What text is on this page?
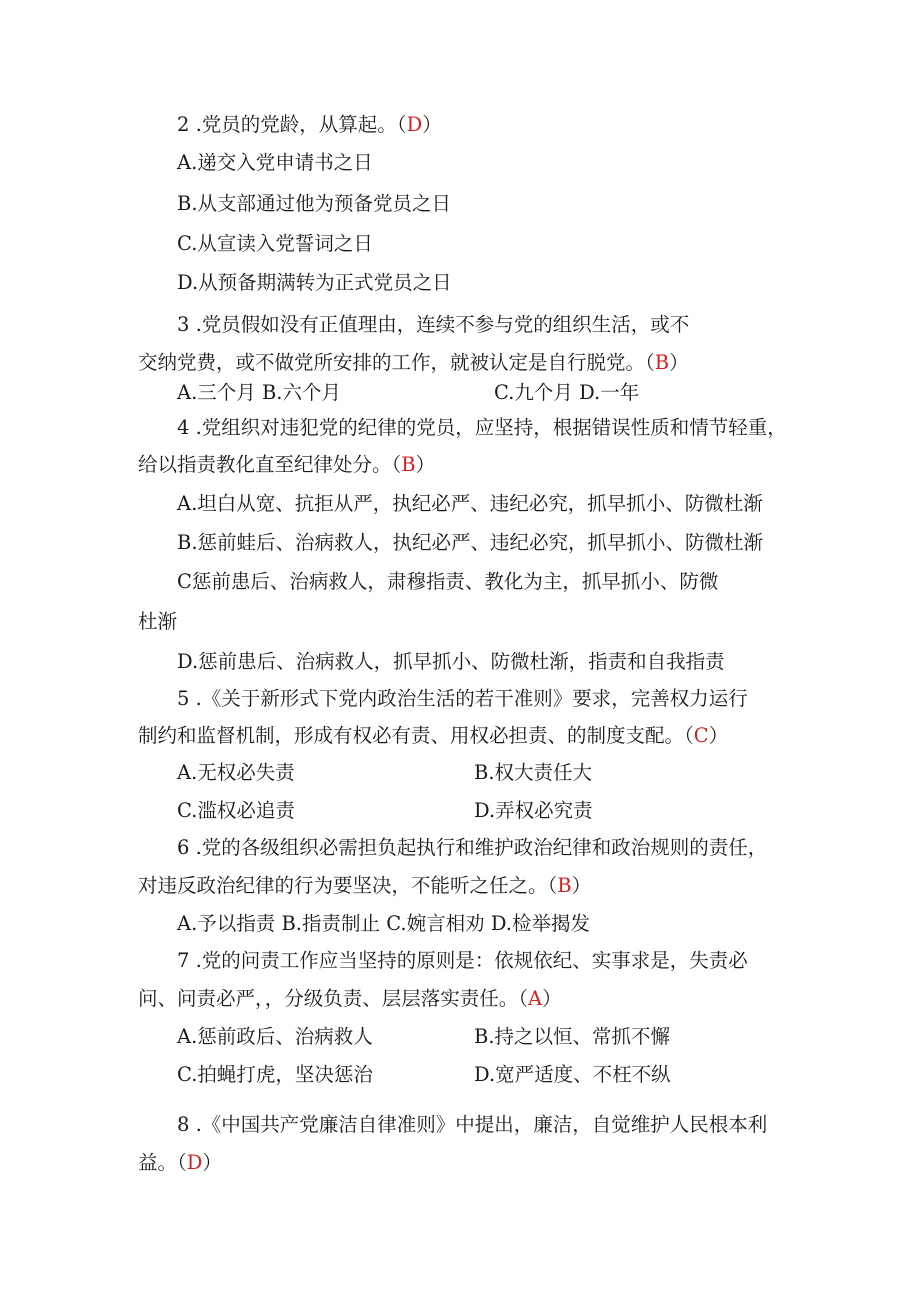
2 .党员的党龄，从算起。（D）
A.递交入党申请书之日
B.从支部通过他为预备党员之日
C.从宣读入党誓词之日
D.从预备期满转为正式党员之日
3 .党员假如没有正值理由，连续不参与党的组织生活，或不
交纳党费，或不做党所安排的工作，就被认定是自行脱党。（B）
A.三个月 B.六个月	C.九个月 D.一年
4 .党组织对违犯党的纪律的党员，应坚持，根据错误性质和情节轻重，
给以指责教化直至纪律处分。（B）
A.坦白从宽、抗拒从严，执纪必严、违纪必究，抓早抓小、防微杜渐
B.惩前蛙后、治病救人，执纪必严、违纪必究，抓早抓小、防微杜渐
C惩前患后、治病救人，肃穆指责、教化为主，抓早抓小、防微
杜渐
D.惩前患后、治病救人，抓早抓小、防微杜渐，指责和自我指责
5 .《关于新形式下党内政治生活的若干准则》要求，完善权力运行
制约和监督机制，形成有权必有责、用权必担责、的制度支配。（C）
A.无权必失责	B.权大责任大
C.滥权必追责	D.弄权必究责
6 .党的各级组织必需担负起执行和维护政治纪律和政治规则的责任，
对违反政治纪律的行为要坚决，不能听之任之。（B）
A.予以指责 B.指责制止 C.婉言相劝 D.检举揭发
7 .党的问责工作应当坚持的原则是：依规依纪、实事求是，失责必
问、问责必严，，分级负责、层层落实责任。（A）
A.惩前政后、治病救人	B.持之以恒、常抓不懈
C.拍蝇打虎，坚决惩治	D.宽严适度、不枉不纵
8 .《中国共产党廉洁自律准则》中提出，廉洁，自觉维护人民根本利
益。（D）
